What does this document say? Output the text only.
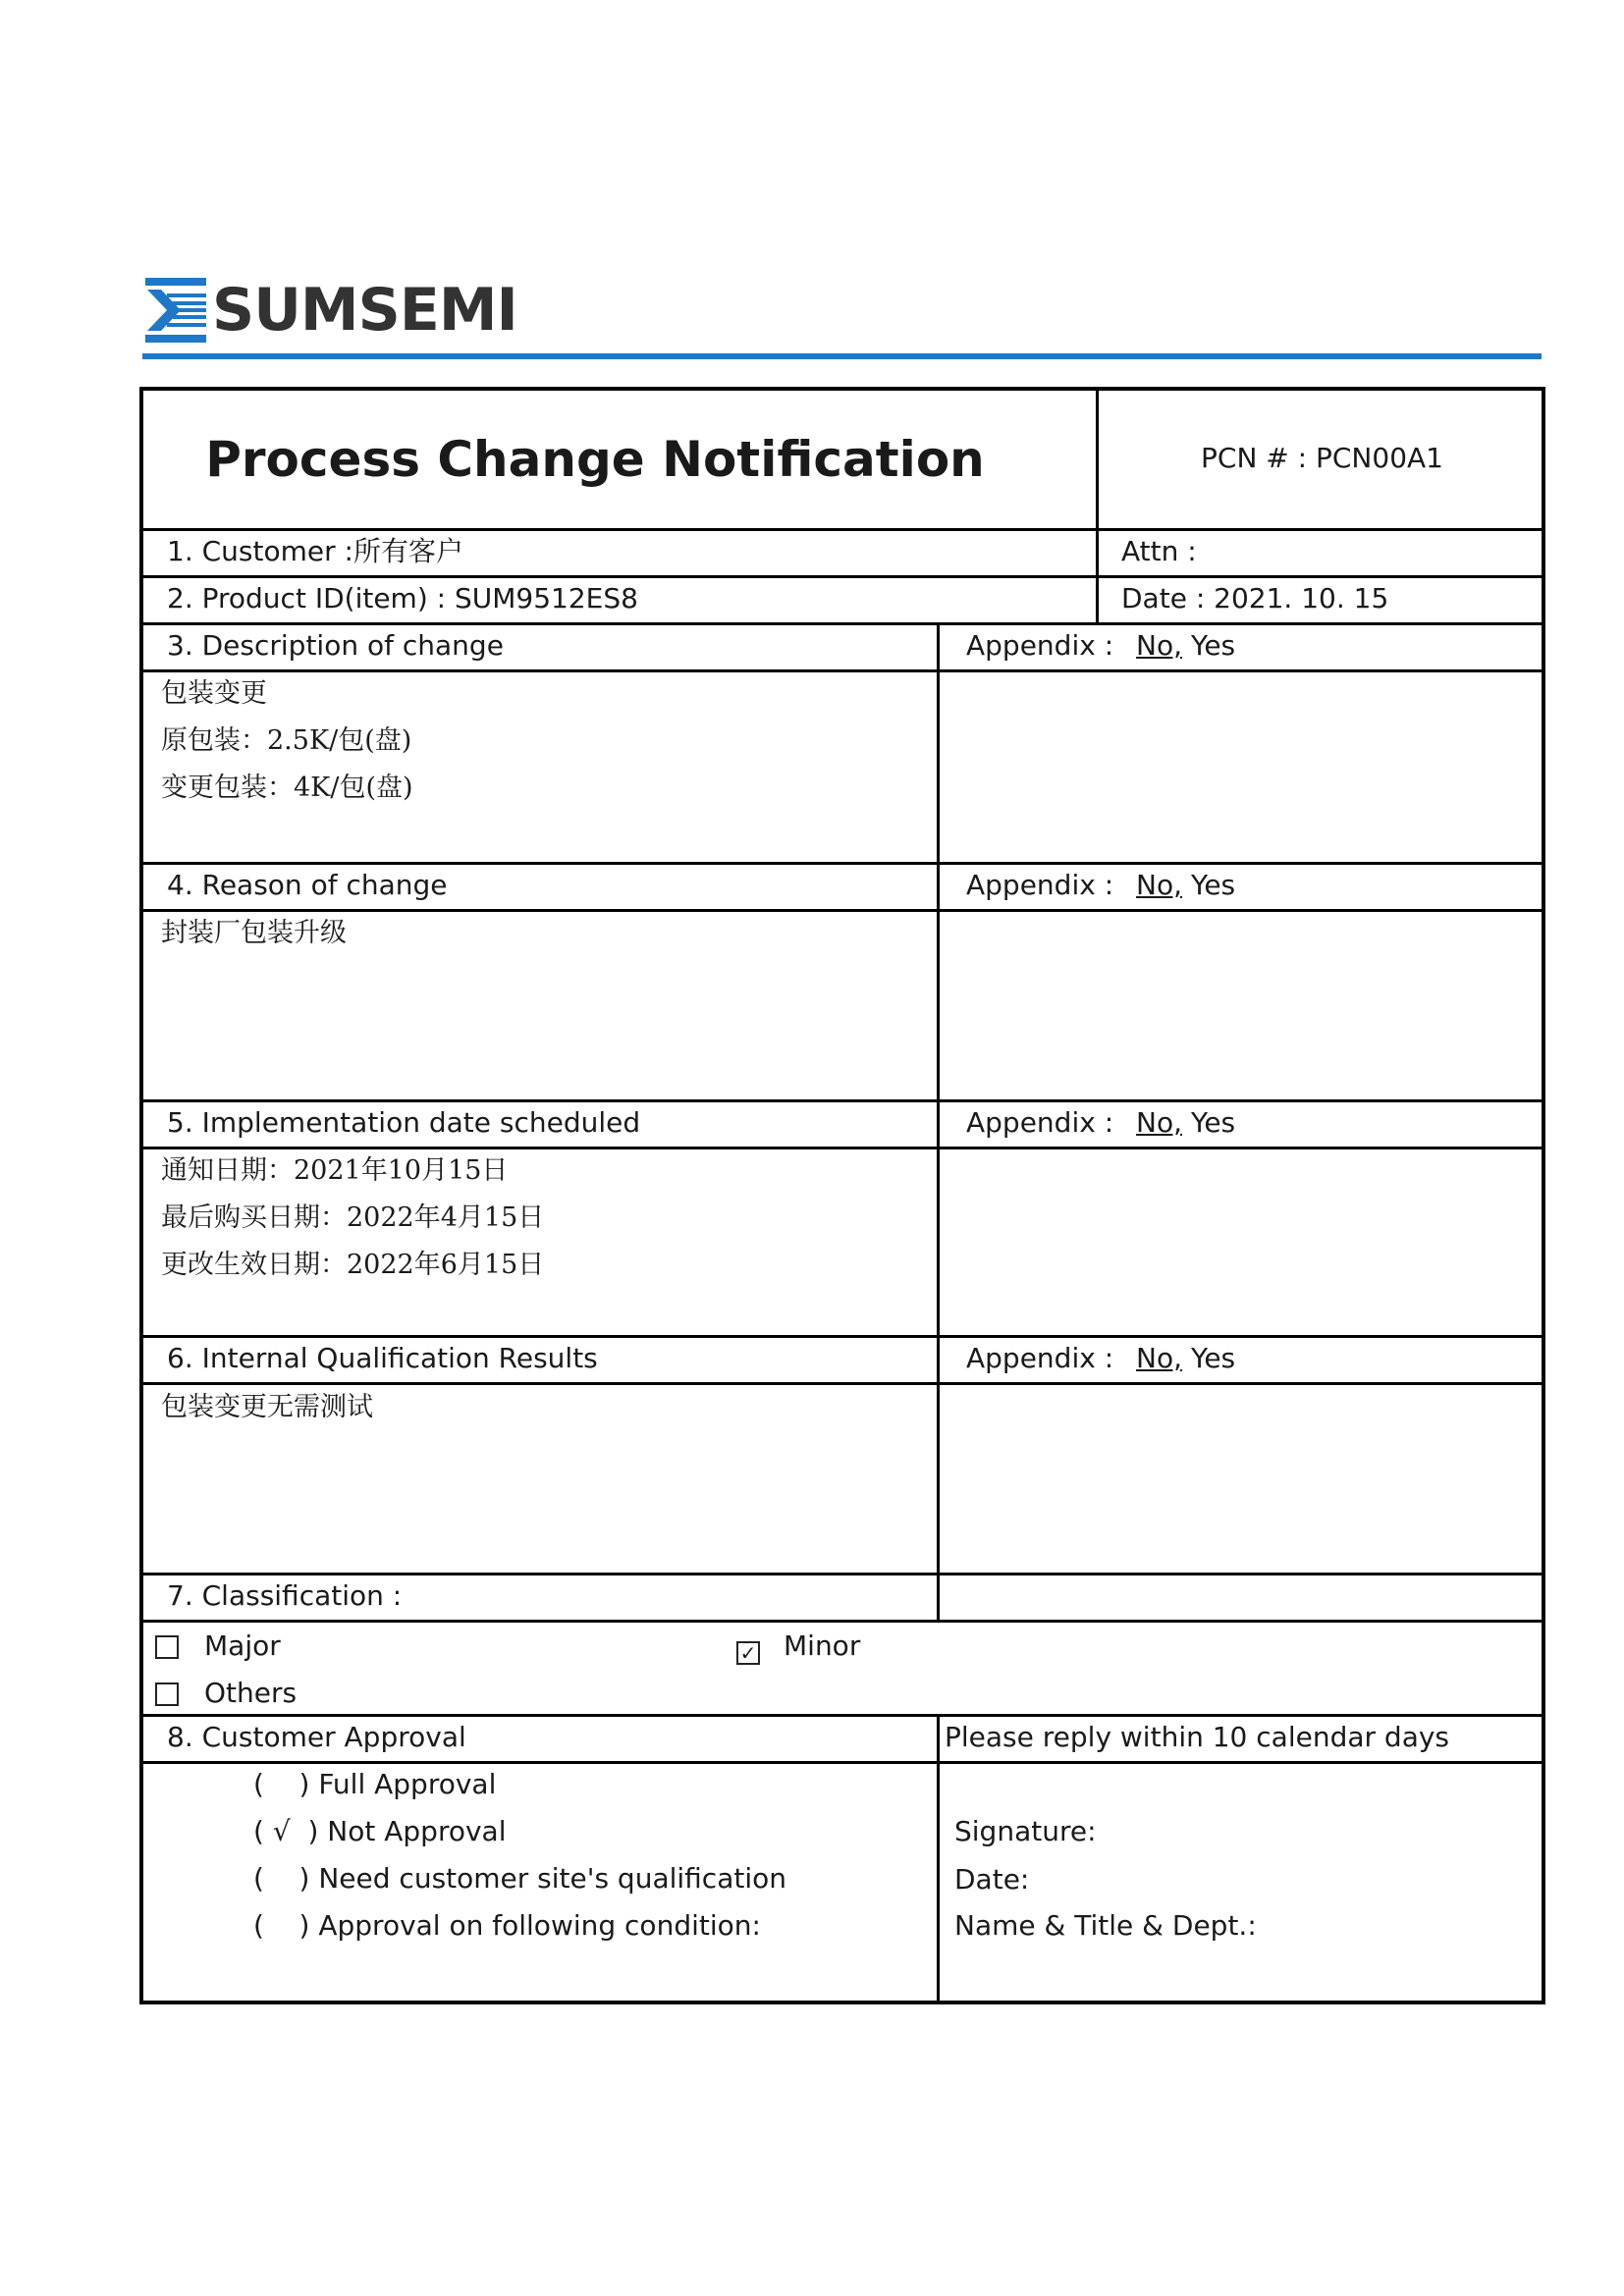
SUMSEMI
Process Change Notification	PCN # : PCN00A1
1. Customer :所有客户	Attn :
2. Product ID(item) : SUM9512ES8	Date : 2021. 10. 15
3. Description of change	Appendix : No, Yes
包装变更
原包装：2.5K/包(盘)
变更包装：4K/包(盘)
4. Reason of change	Appendix : No, Yes
封装厂包装升级
5. Implementation date scheduled	Appendix : No, Yes
通知日期：2021年10月15日
最后购买日期：2022年4月15日
更改生效日期：2022年6月15日
6. Internal Qualification Results	Appendix : No, Yes
包装变更无需测试
7. Classification :
Major	✓ Minor
Others
8. Customer Approval	Please reply within 10 calendar days
(    ) Full Approval
( √  ) Not Approval
(    ) Need customer site's qualification
(    ) Approval on following condition:
Signature:
Date:
Name & Title & Dept.:
